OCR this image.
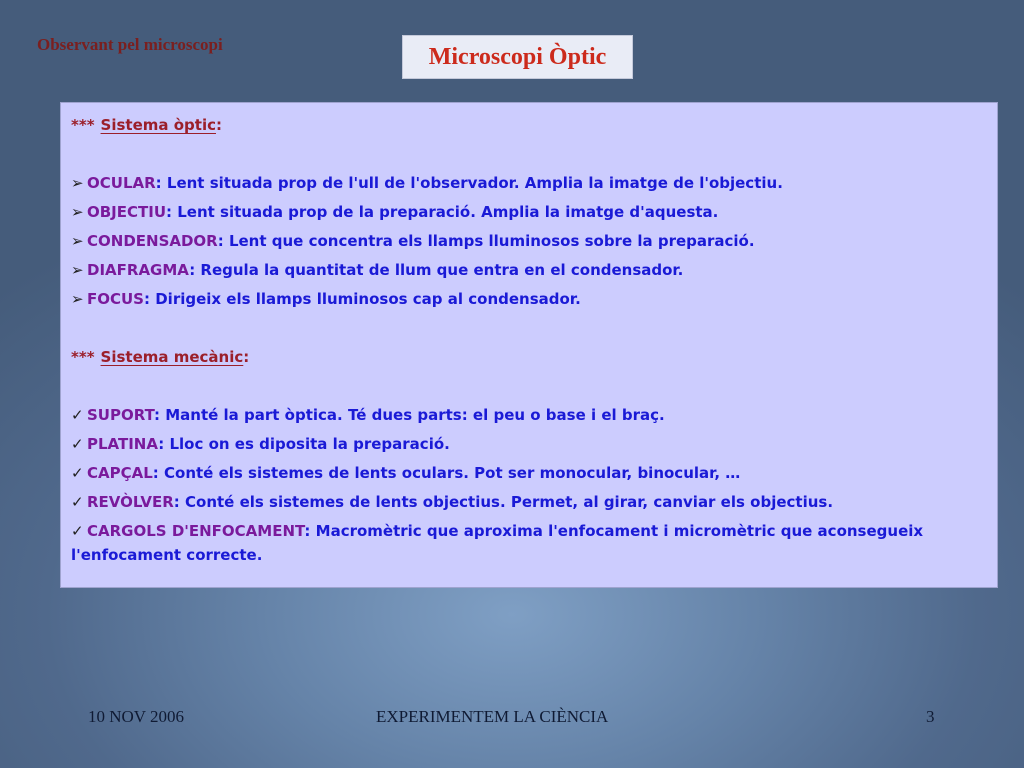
Observant pel microscopi	Microscopi Òptic
*** Sistema òptic:
➢ OCULAR: Lent situada prop de l'ull de l'observador. Amplia la imatge de l'objectiu.
➢ OBJECTIU: Lent situada prop de la preparació. Amplia la imatge d'aquesta.
➢ CONDENSADOR: Lent que concentra els llamps lluminosos sobre la preparació.
➢ DIAFRAGMA: Regula la quantitat de llum que entra en el condensador.
➢ FOCUS: Dirigeix els llamps lluminosos cap al condensador.
*** Sistema mecànic:
✓ SUPORT: Manté la part òptica. Té dues parts: el peu o base i el braç.
✓ PLATINA: Lloc on es diposita la preparació.
✓ CAPÇAL: Conté els sistemes de lents oculars. Pot ser monocular, binocular, …
✓ REVÒLVER: Conté els sistemes de lents objectius. Permet, al girar, canviar els objectius.
✓ CARGOLS D'ENFOCAMENT: Macromètric que aproxima l'enfocament i micromètric que aconsegueix l'enfocament correcte.
10 NOV 2006	EXPERIMENTEM LA CIÈNCIA	3
